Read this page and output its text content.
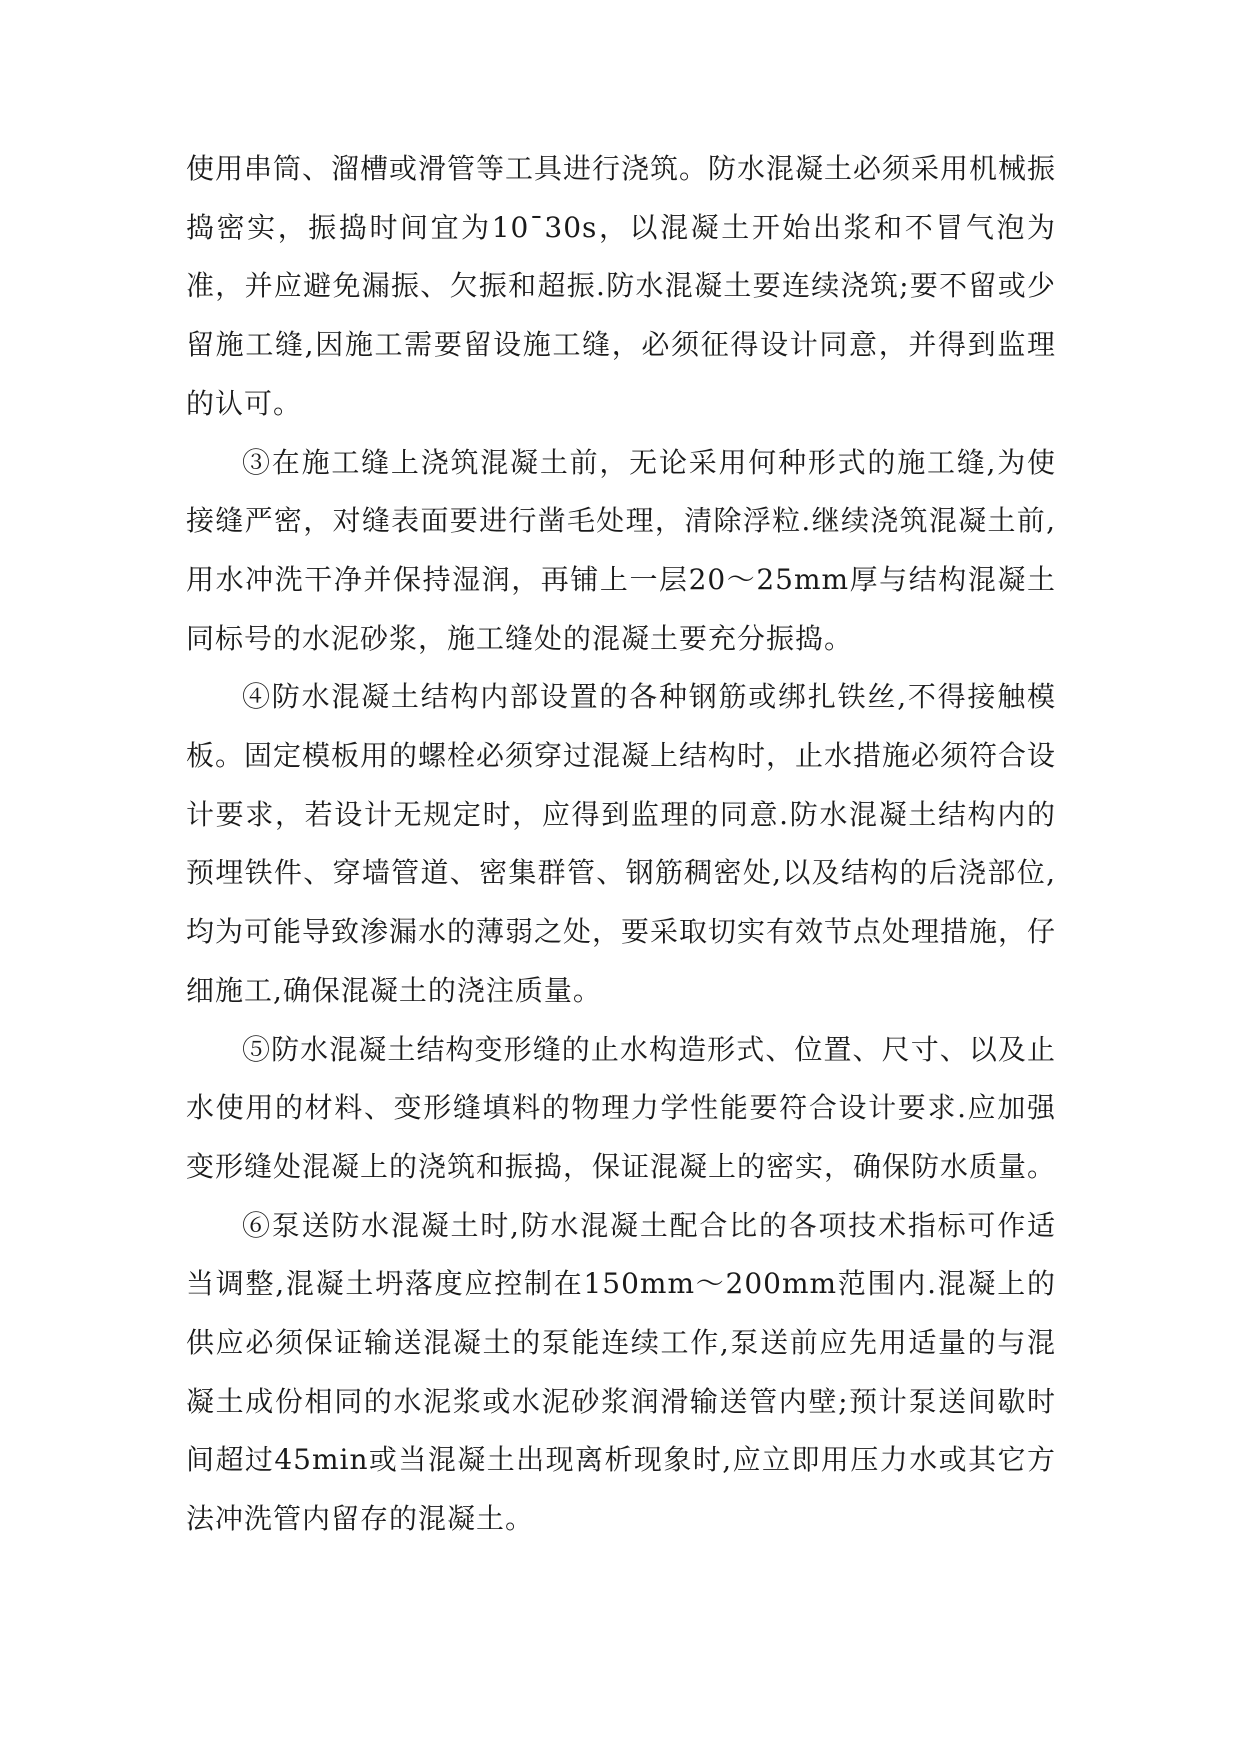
使用串筒、溜槽或滑管等工具进行浇筑。防水混凝土必须采用机械振捣密实，振捣时间宜为10¯30s，以混凝土开始出浆和不冒气泡为准，并应避免漏振、欠振和超振.防水混凝土要连续浇筑;要不留或少留施工缝,因施工需要留设施工缝，必须征得设计同意，并得到监理的认可。

③在施工缝上浇筑混凝土前，无论采用何种形式的施工缝,为使接缝严密，对缝表面要进行凿毛处理，清除浮粒.继续浇筑混凝土前,用水冲洗干净并保持湿润，再铺上一层20～25mm厚与结构混凝土同标号的水泥砂浆，施工缝处的混凝土要充分振捣。

④防水混凝土结构内部设置的各种钢筋或绑扎铁丝,不得接触模板。固定模板用的螺栓必须穿过混凝上结构时，止水措施必须符合设计要求，若设计无规定时，应得到监理的同意.防水混凝土结构内的预埋铁件、穿墙管道、密集群管、钢筋稠密处,以及结构的后浇部位,均为可能导致渗漏水的薄弱之处，要采取切实有效节点处理措施，仔细施工,确保混凝土的浇注质量。

⑤防水混凝土结构变形缝的止水构造形式、位置、尺寸、以及止水使用的材料、变形缝填料的物理力学性能要符合设计要求.应加强变形缝处混凝上的浇筑和振捣，保证混凝上的密实，确保防水质量。

⑥泵送防水混凝土时,防水混凝土配合比的各项技术指标可作适当调整,混凝土坍落度应控制在150mm～200mm范围内.混凝上的供应必须保证输送混凝土的泵能连续工作,泵送前应先用适量的与混凝土成份相同的水泥浆或水泥砂浆润滑输送管内壁;预计泵送间歇时间超过45min或当混凝土出现离析现象时,应立即用压力水或其它方法冲洗管内留存的混凝土。
